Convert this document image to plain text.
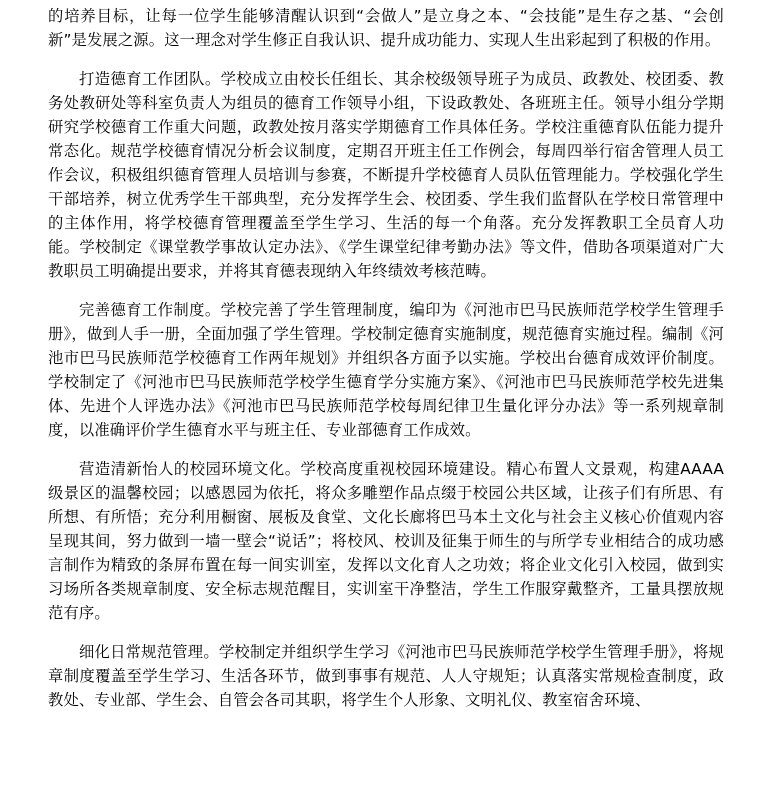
的培养目标，让每一位学生能够清醒认识到“会做人”是立身之本、“会技能”是生存之基、“会创新”是发展之源。这一理念对学生修正自我认识、提升成功能力、实现人生出彩起到了积极的作用。

打造德育工作团队。学校成立由校长任组长、其余校级领导班子为成员、政教处、校团委、教务处教研处等科室负责人为组员的德育工作领导小组，下设政教处、各班班主任。领导小组分学期研究学校德育工作重大问题，政教处按月落实学期德育工作具体任务。学校注重德育队伍能力提升常态化。规范学校德育情况分析会议制度，定期召开班主任工作例会，每周四举行宿舍管理人员工作会议，积极组织德育管理人员培训与参赛，不断提升学校德育人员队伍管理能力。学校强化学生干部培养，树立优秀学生干部典型，充分发挥学生会、校团委、学生我们监督队在学校日常管理中的主体作用，将学校德育管理覆盖至学生学习、生活的每一个角落。充分发挥教职工全员育人功能。学校制定《课堂教学事故认定办法》、《学生课堂纪律考勤办法》等文件，借助各项渠道对广大教职员工明确提出要求，并将其育德表现纳入年终绩效考核范畴。

完善德育工作制度。学校完善了学生管理制度，编印为《河池市巴马民族师范学校学生管理手册》，做到人手一册，全面加强了学生管理。学校制定德育实施制度，规范德育实施过程。编制《河池市巴马民族师范学校德育工作两年规划》并组织各方面予以实施。学校出台德育成效评价制度。学校制定了《河池市巴马民族师范学校学生德育学分实施方案》、《河池市巴马民族师范学校先进集体、先进个人评选办法》《河池市巴马民族师范学校每周纪律卫生量化评分办法》等一系列规章制度，以准确评价学生德育水平与班主任、专业部德育工作成效。

营造清新怡人的校园环境文化。学校高度重视校园环境建设。精心布置人文景观，构建AAAA级景区的温馨校园；以感恩园为依托，将众多雕塑作品点缀于校园公共区域，让孩子们有所思、有所想、有所悟；充分利用橱窗、展板及食堂、文化长廊将巴马本土文化与社会主义核心价值观内容呈现其间，努力做到一墙一壁会“说话”；将校风、校训及征集于师生的与所学专业相结合的成功感言制作为精致的条屏布置在每一间实训室，发挥以文化育人之功效；将企业文化引入校园，做到实习场所各类规章制度、安全标志规范醒目，实训室干净整洁，学生工作服穿戴整齐，工量具摆放规范有序。

细化日常规范管理。学校制定并组织学生学习《河池市巴马民族师范学校学生管理手册》，将规章制度覆盖至学生学习、生活各环节，做到事事有规范、人人守规矩；认真落实常规检查制度，政教处、专业部、学生会、自管会各司其职，将学生个人形象、文明礼仪、教室宿舍环境、
